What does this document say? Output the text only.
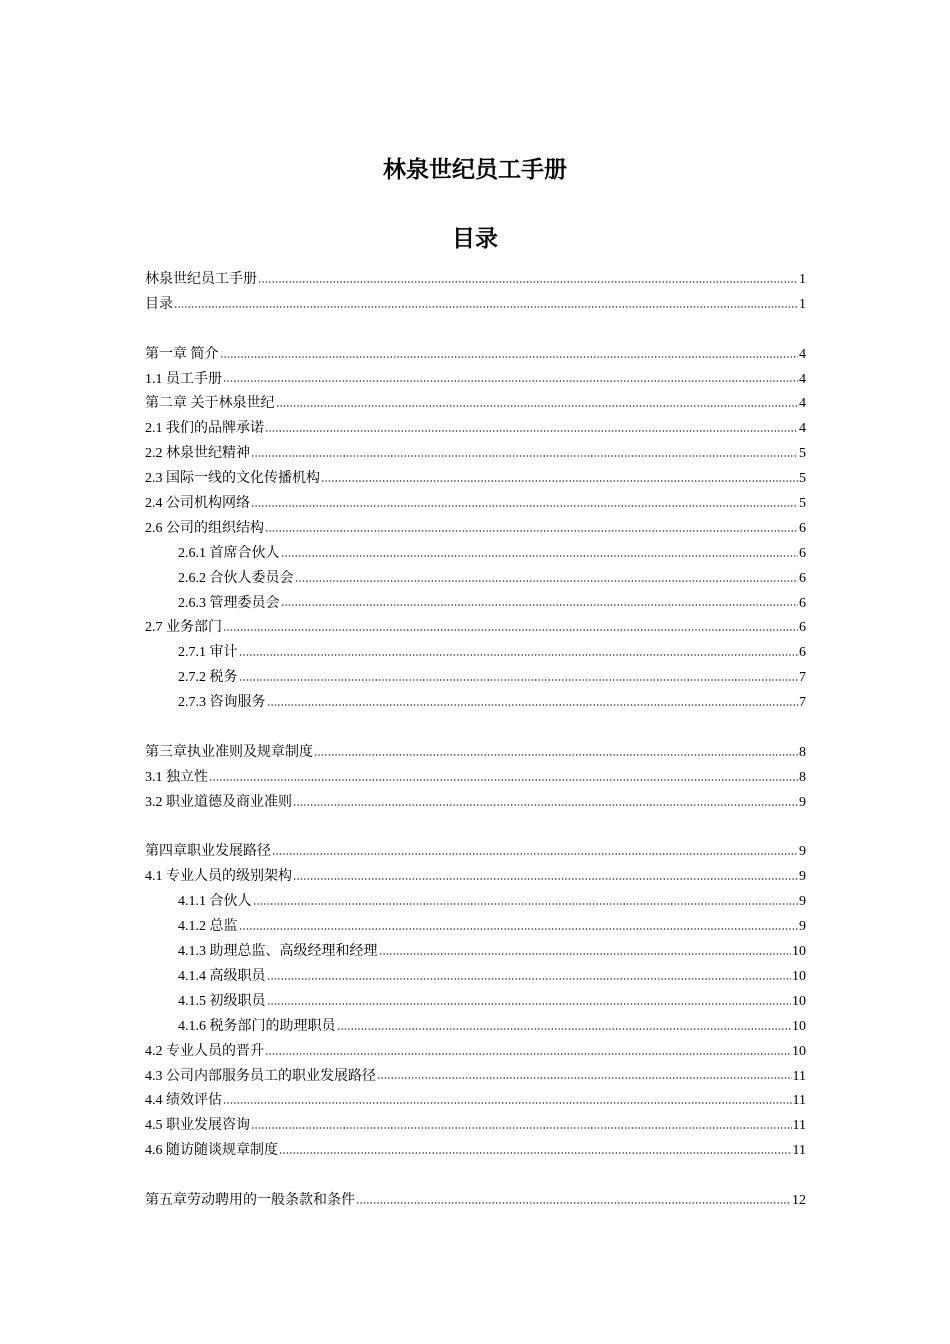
林泉世纪员工手册
目录
林泉世纪员工手册	1
目录	1
第一章 简介	4
1.1 员工手册	4
第二章 关于林泉世纪	4
2.1 我们的品牌承诺	4
2.2 林泉世纪精神	5
2.3 国际一线的文化传播机构	5
2.4 公司机构网络	5
2.6 公司的组织结构	6
2.6.1 首席合伙人	6
2.6.2 合伙人委员会	6
2.6.3 管理委员会	6
2.7 业务部门	6
2.7.1 审计	6
2.7.2 税务	7
2.7.3 咨询服务	7
第三章执业准则及规章制度	8
3.1 独立性	8
3.2 职业道德及商业准则	9
第四章职业发展路径	9
4.1 专业人员的级别架构	9
4.1.1 合伙人	9
4.1.2 总监	9
4.1.3 助理总监、高级经理和经理	10
4.1.4 高级职员	10
4.1.5 初级职员	10
4.1.6 税务部门的助理职员	10
4.2 专业人员的晋升	10
4.3 公司内部服务员工的职业发展路径	11
4.4 绩效评估	11
4.5 职业发展咨询	11
4.6 随访随谈规章制度	11
第五章劳动聘用的一般条款和条件	12
